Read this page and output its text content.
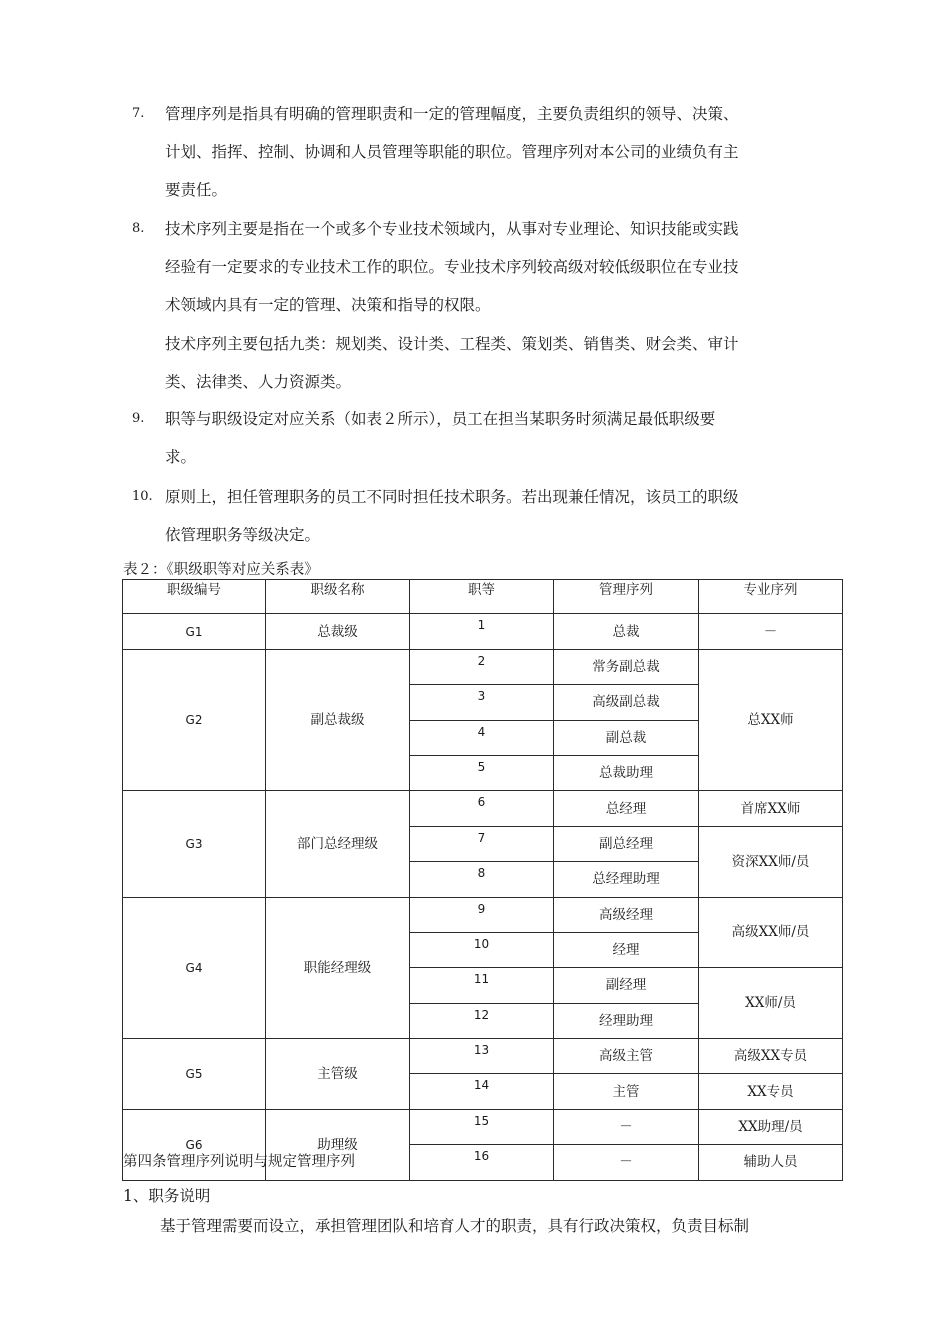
7.	管理序列是指具有明确的管理职责和一定的管理幅度，主要负责组织的领导、决策、
计划、指挥、控制、协调和人员管理等职能的职位。管理序列对本公司的业绩负有主
要责任。
8.	技术序列主要是指在一个或多个专业技术领域内，从事对专业理论、知识技能或实践
经验有一定要求的专业技术工作的职位。专业技术序列较高级对较低级职位在专业技
术领域内具有一定的管理、决策和指导的权限。
技术序列主要包括九类：规划类、设计类、工程类、策划类、销售类、财会类、审计
类、法律类、人力资源类。
9.	职等与职级设定对应关系（如表２所示），员工在担当某职务时须满足最低职级要
求。
10. 原则上，担任管理职务的员工不同时担任技术职务。若出现兼任情况，该员工的职级
依管理职务等级决定。
表２：《职级职等对应关系表》
职级编号	职级名称	职等	管理序列	专业序列
G1	总裁级	1	总裁	－
G2	副总裁级	2	常务副总裁	总XX师
		3	高级副总裁	
		4	副总裁	
		5	总裁助理	
G3	部门总经理级	6	总经理	首席XX师
		7	副总经理	资深XX师/员
		8	总经理助理	
G4	职能经理级	9	高级经理	高级XX师/员
		10	经理	
		11	副经理	XX师/员
		12	经理助理	
G5	主管级	13	高级主管	高级XX专员
		14	主管	XX专员
G6	助理级	15	－	XX助理/员
		16	－	辅助人员
第四条管理序列说明与规定管理序列
1、职务说明
基于管理需要而设立，承担管理团队和培育人才的职责，具有行政决策权，负责目标制
